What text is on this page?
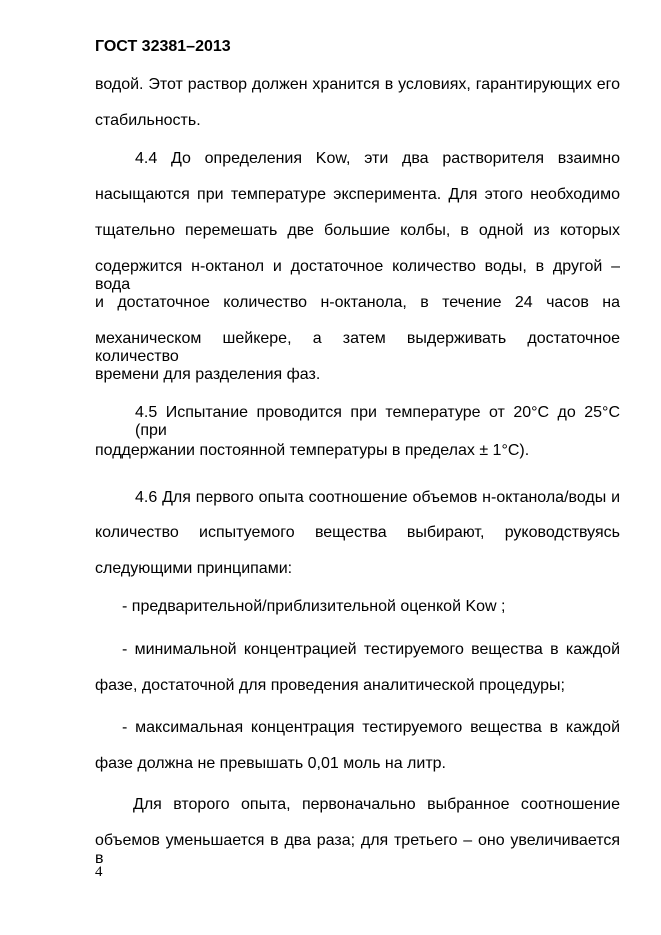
ГОСТ 32381–2013
водой. Этот раствор должен хранится в условиях, гарантирующих его
стабильность.
4.4 До определения Kow, эти два растворителя взаимно
насыщаются при температуре эксперимента. Для этого необходимо
тщательно перемешать две большие колбы, в одной из которых
содержится н-октанол и достаточное количество воды, в другой – вода
и достаточное количество н-октанола, в течение 24 часов на
механическом шейкере, а затем выдерживать достаточное количество
времени для разделения фаз.
4.5 Испытание проводится при температуре от 20°C до 25°C (при
поддержании постоянной температуры в пределах ± 1°C).
4.6 Для первого опыта соотношение объемов н-октанола/воды и
количество испытуемого вещества выбирают, руководствуясь
следующими принципами:
- предварительной/приблизительной оценкой Kow ;
- минимальной концентрацией тестируемого вещества в каждой
фазе, достаточной для проведения аналитической процедуры;
- максимальная концентрация тестируемого вещества в каждой
фазе должна не превышать 0,01 моль на литр.
Для второго опыта, первоначально выбранное соотношение
объемов уменьшается в два раза; для третьего – оно увеличивается в
4
